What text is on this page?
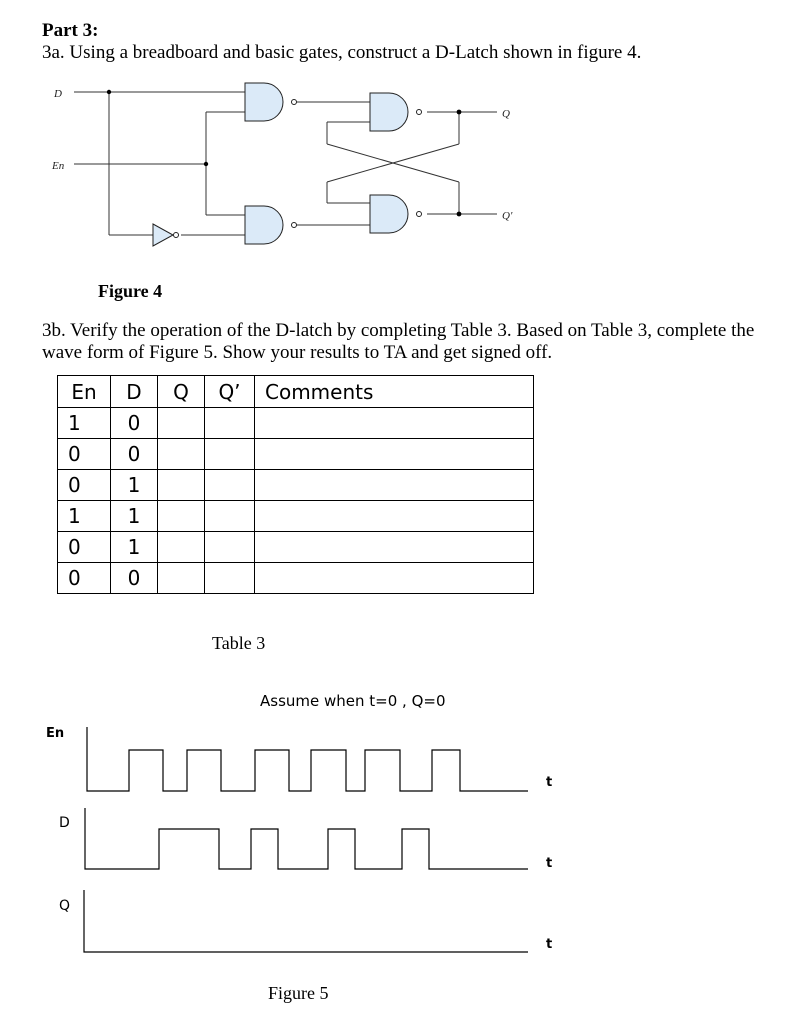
Part 3:
3a. Using a breadboard and basic gates, construct a D-Latch shown in figure 4.
D
En
Q
Q'
Figure 4
3b. Verify the operation of the D-latch by completing Table 3. Based on Table 3, complete the
wave form of Figure 5. Show your results to TA and get signed off.
En	D	Q	Q’	Comments
1	0			
0	0			
0	1			
1	1			
0	1			
0	0			
Table 3
Assume when t=0 , Q=0
En
D
Q
t
t
t
Figure 5
